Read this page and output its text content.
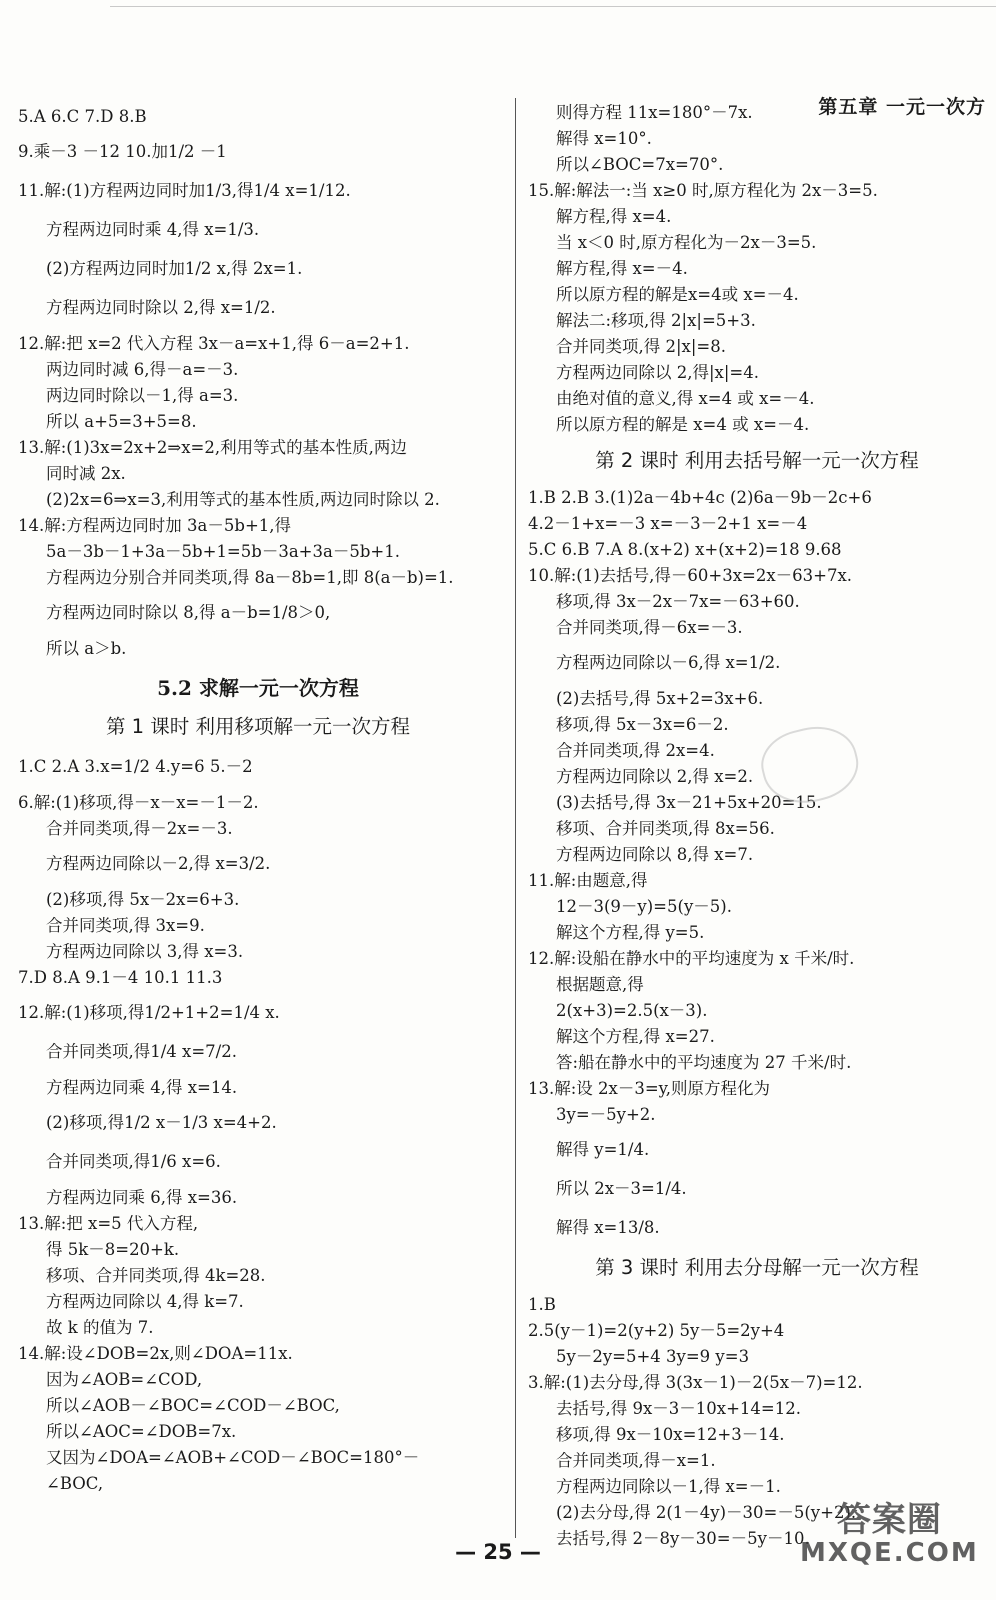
第五章 一元一次方
5.A 6.C 7.D 8.B
9.乘－3 －12 10.加1/2 －1
11.解:(1)方程两边同时加1/3,得1/4 x=1/12.
方程两边同时乘 4,得 x=1/3.
(2)方程两边同时加1/2 x,得 2x=1.
方程两边同时除以 2,得 x=1/2.
12.解:把 x=2 代入方程 3x－a=x+1,得 6－a=2+1.
两边同时减 6,得－a=－3.
两边同时除以－1,得 a=3.
所以 a+5=3+5=8.
13.解:(1)3x=2x+2⇒x=2,利用等式的基本性质,两边
同时减 2x.
(2)2x=6⇒x=3,利用等式的基本性质,两边同时除以 2.
14.解:方程两边同时加 3a－5b+1,得
5a－3b－1+3a－5b+1=5b－3a+3a－5b+1.
方程两边分别合并同类项,得 8a－8b=1,即 8(a－b)=1.
方程两边同时除以 8,得 a－b=1/8＞0,
所以 a＞b.
5.2 求解一元一次方程
第 1 课时 利用移项解一元一次方程
1.C 2.A 3.x=1/2 4.y=6 5.－2
6.解:(1)移项,得－x－x=－1－2.
合并同类项,得－2x=－3.
方程两边同除以－2,得 x=3/2.
(2)移项,得 5x－2x=6+3.
合并同类项,得 3x=9.
方程两边同除以 3,得 x=3.
7.D 8.A 9.1－4 10.1 11.3
12.解:(1)移项,得1/2+1+2=1/4 x.
合并同类项,得1/4 x=7/2.
方程两边同乘 4,得 x=14.
(2)移项,得1/2 x－1/3 x=4+2.
合并同类项,得1/6 x=6.
方程两边同乘 6,得 x=36.
13.解:把 x=5 代入方程,
得 5k－8=20+k.
移项、合并同类项,得 4k=28.
方程两边同除以 4,得 k=7.
故 k 的值为 7.
14.解:设∠DOB=2x,则∠DOA=11x.
因为∠AOB=∠COD,
所以∠AOB－∠BOC=∠COD－∠BOC,
所以∠AOC=∠DOB=7x.
又因为∠DOA=∠AOB+∠COD－∠BOC=180°－
∠BOC,
则得方程 11x=180°－7x.
解得 x=10°.
所以∠BOC=7x=70°.
15.解:解法一:当 x≥0 时,原方程化为 2x－3=5.
解方程,得 x=4.
当 x＜0 时,原方程化为－2x－3=5.
解方程,得 x=－4.
所以原方程的解是x=4或 x=－4.
解法二:移项,得 2|x|=5+3.
合并同类项,得 2|x|=8.
方程两边同除以 2,得|x|=4.
由绝对值的意义,得 x=4 或 x=－4.
所以原方程的解是 x=4 或 x=－4.
第 2 课时 利用去括号解一元一次方程
1.B 2.B 3.(1)2a－4b+4c (2)6a－9b－2c+6
4.2－1+x=－3 x=－3－2+1 x=－4
5.C 6.B 7.A 8.(x+2) x+(x+2)=18 9.68
10.解:(1)去括号,得－60+3x=2x－63+7x.
移项,得 3x－2x－7x=－63+60.
合并同类项,得－6x=－3.
方程两边同除以－6,得 x=1/2.
(2)去括号,得 5x+2=3x+6.
移项,得 5x－3x=6－2.
合并同类项,得 2x=4.
方程两边同除以 2,得 x=2.
(3)去括号,得 3x－21+5x+20=15.
移项、合并同类项,得 8x=56.
方程两边同除以 8,得 x=7.
11.解:由题意,得
12－3(9－y)=5(y－5).
解这个方程,得 y=5.
12.解:设船在静水中的平均速度为 x 千米/时.
根据题意,得
2(x+3)=2.5(x－3).
解这个方程,得 x=27.
答:船在静水中的平均速度为 27 千米/时.
13.解:设 2x－3=y,则原方程化为
3y=－5y+2.
解得 y=1/4.
所以 2x－3=1/4.
解得 x=13/8.
第 3 课时 利用去分母解一元一次方程
1.B
2.5(y－1)=2(y+2) 5y－5=2y+4
5y－2y=5+4 3y=9 y=3
3.解:(1)去分母,得 3(3x－1)－2(5x－7)=12.
去括号,得 9x－3－10x+14=12.
移项,得 9x－10x=12+3－14.
合并同类项,得－x=1.
方程两边同除以－1,得 x=－1.
(2)去分母,得 2(1－4y)－30=－5(y+2).
去括号,得 2－8y－30=－5y－10.
— 25 —
答案圈
MXQE.COM
